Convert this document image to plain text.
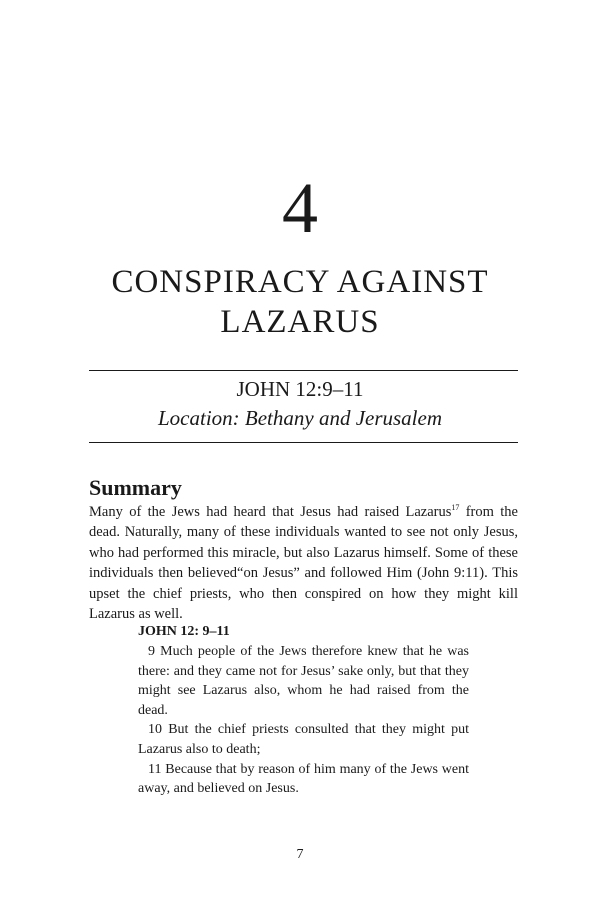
4
CONSPIRACY AGAINST
LAZARUS
JOHN 12:9–11
Location: Bethany and Jerusalem
Summary

Many of the Jews had heard that Jesus had raised Lazarus$^{17}$ from the dead. Naturally, many of these individuals wanted to see not only Jesus, who had performed this miracle, but also Lazarus himself. Some of these individuals then believed“on Jesus” and followed Him (John 9:11). This upset the chief priests, who then conspired on how they might kill Lazarus as well.

JOHN 12: 9–11

9 Much people of the Jews therefore knew that he was there: and they came not for Jesus’ sake only, but that they might see Lazarus also, whom he had raised from the dead.

10 But the chief priests consulted that they might put Lazarus also to death;

11 Because that by reason of him many of the Jews went away, and believed on Jesus.

7
